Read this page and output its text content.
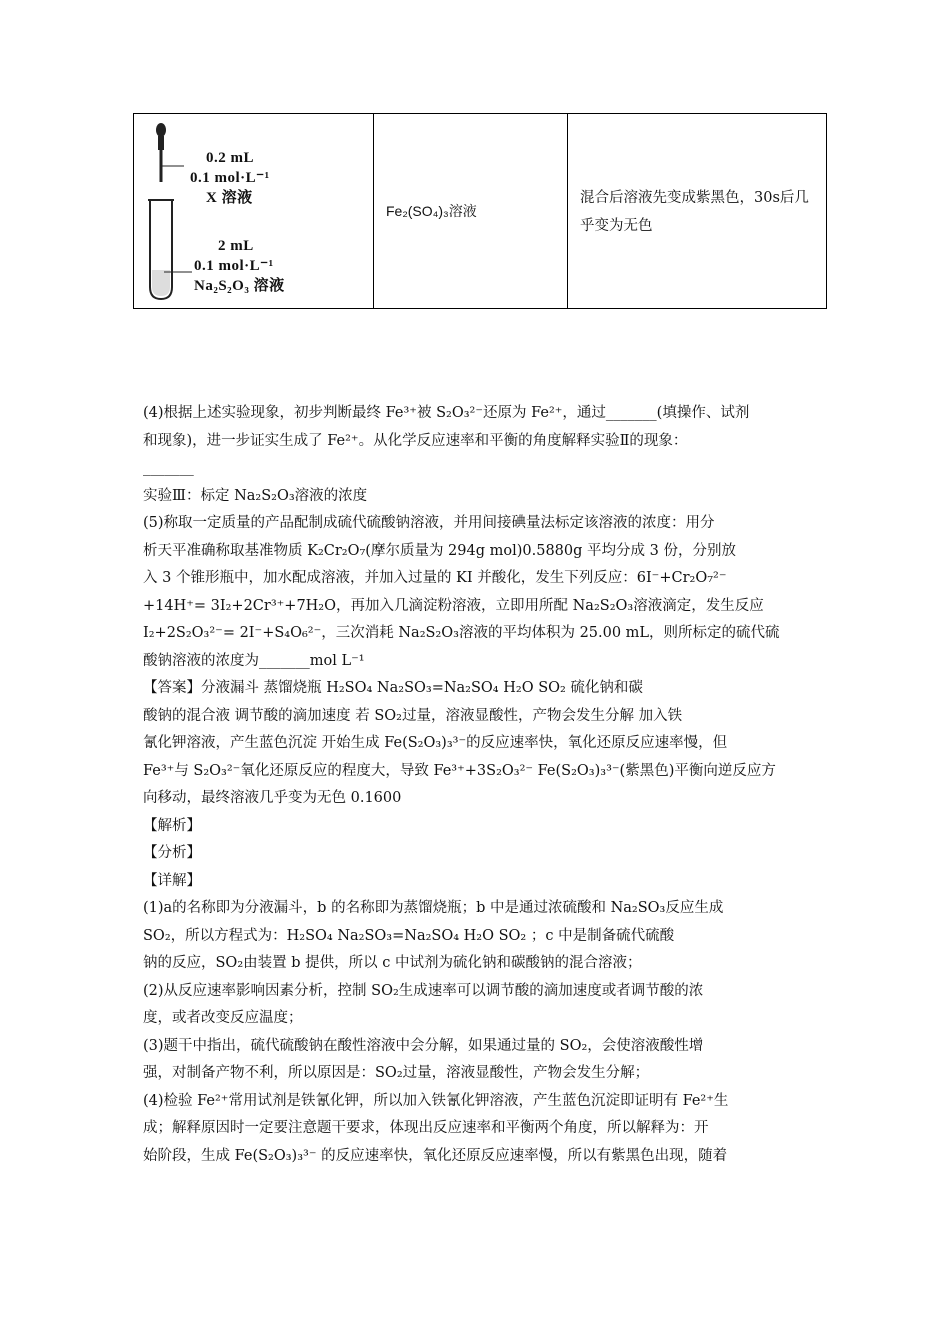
0.2 mL
0.1 mol·L⁻¹
X 溶液
2 mL
0.1 mol·L⁻¹
Na₂S₂O₃ 溶液
Fe₂(SO₄)₃溶液
混合后溶液先变成紫黑色，30s后几乎变为无色

(4)根据上述实验现象，初步判断最终 Fe³⁺被 S₂O₃²⁻还原为 Fe²⁺，通过_______(填操作、试剂

和现象)，进一步证实生成了 Fe²⁺。从化学反应速率和平衡的角度解释实验Ⅱ的现象：

_______

实验Ⅲ：标定 Na₂S₂O₃溶液的浓度

(5)称取一定质量的产品配制成硫代硫酸钠溶液，并用间接碘量法标定该溶液的浓度：用分

析天平准确称取基准物质 K₂Cr₂O₇(摩尔质量为 294g mol)0.5880g 平均分成 3 份，分别放

入 3 个锥形瓶中，加水配成溶液，并加入过量的 KI 并酸化，发生下列反应：6I⁻+Cr₂O₇²⁻

+14H⁺= 3I₂+2Cr³⁺+7H₂O，再加入几滴淀粉溶液，立即用所配 Na₂S₂O₃溶液滴定，发生反应

I₂+2S₂O₃²⁻= 2I⁻+S₄O₆²⁻，三次消耗 Na₂S₂O₃溶液的平均体积为 25.00 mL，则所标定的硫代硫

酸钠溶液的浓度为_______mol L⁻¹

【答案】分液漏斗 蒸馏烧瓶 H₂SO₄ Na₂SO₃=Na₂SO₄ H₂O SO₂ 硫化钠和碳

酸钠的混合液 调节酸的滴加速度 若 SO₂过量，溶液显酸性，产物会发生分解 加入铁

氰化钾溶液，产生蓝色沉淀 开始生成 Fe(S₂O₃)₃³⁻的反应速率快，氧化还原反应速率慢，但

Fe³⁺与 S₂O₃²⁻氧化还原反应的程度大，导致 Fe³⁺+3S₂O₃²⁻ Fe(S₂O₃)₃³⁻(紫黑色)平衡向逆反应方

向移动，最终溶液几乎变为无色 0.1600

【解析】

【分析】

【详解】

(1)a的名称即为分液漏斗，b 的名称即为蒸馏烧瓶；b 中是通过浓硫酸和 Na₂SO₃反应生成

SO₂，所以方程式为：H₂SO₄ Na₂SO₃=Na₂SO₄ H₂O SO₂ ；c 中是制备硫代硫酸

钠的反应，SO₂由装置 b 提供，所以 c 中试剂为硫化钠和碳酸钠的混合溶液；

(2)从反应速率影响因素分析，控制 SO₂生成速率可以调节酸的滴加速度或者调节酸的浓

度，或者改变反应温度；

(3)题干中指出，硫代硫酸钠在酸性溶液中会分解，如果通过量的 SO₂，会使溶液酸性增

强，对制备产物不利，所以原因是：SO₂过量，溶液显酸性，产物会发生分解；

(4)检验 Fe²⁺常用试剂是铁氰化钾，所以加入铁氰化钾溶液，产生蓝色沉淀即证明有 Fe²⁺生

成；解释原因时一定要注意题干要求，体现出反应速率和平衡两个角度，所以解释为：开

始阶段，生成 Fe(S₂O₃)₃³⁻ 的反应速率快，氧化还原反应速率慢，所以有紫黑色出现，随着
